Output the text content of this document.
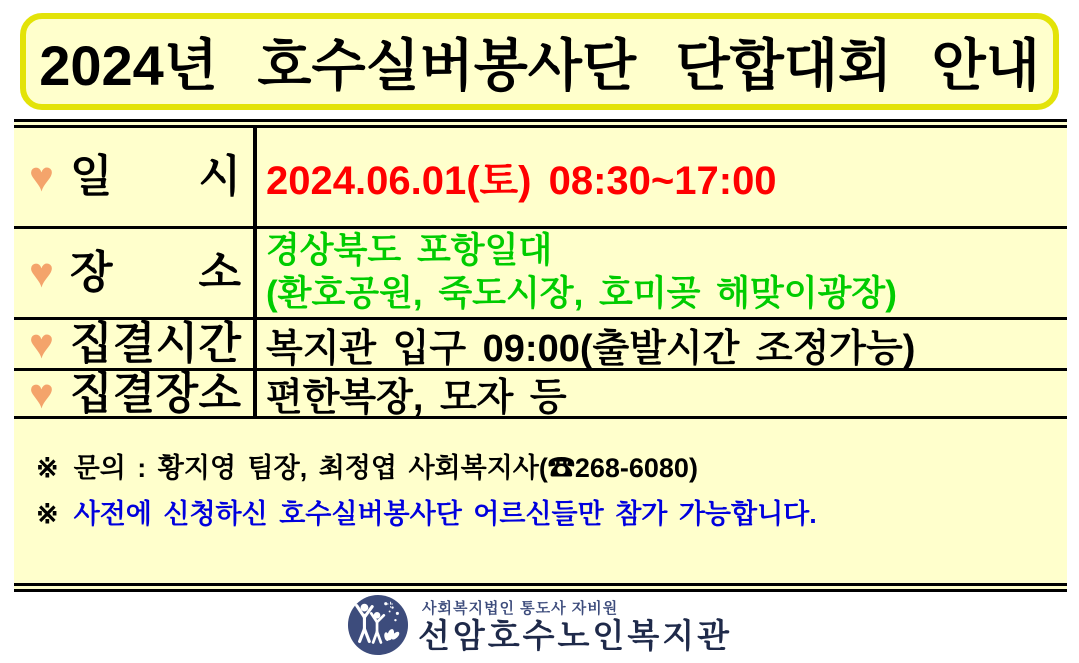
2024년 호수실버봉사단 단합대회 안내
♥ 일 시 2024.06.01(토) 08:30~17:00
♥ 장 소 경상북도 포항일대
(환호공원, 죽도시장, 호미곶 해맞이광장)
♥ 집 결 시 간 복지관 입구 09:00(출발시간 조정가능)
♥ 집 결 장 소 편한복장, 모자 등

※ 문의 : 황지영 팀장, 최정엽 사회복지사(☎268-6080)

※ 사전에 신청하신 호수실버봉사단 어르신들만 참가 가능합니다.

사회복지법인 통도사 자비원
선암호수노인복지관
